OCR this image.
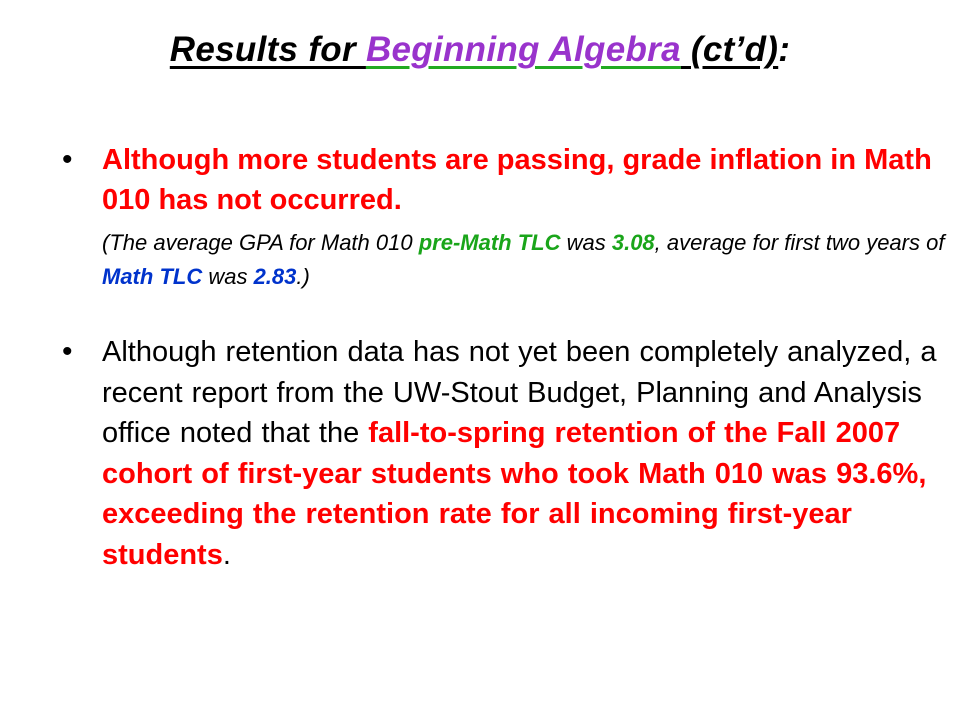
Results for Beginning Algebra (ct’d):
• Although more students are passing, grade inflation in Math 010 has not occurred.
(The average GPA for Math 010 pre-Math TLC was 3.08, average for first two years of Math TLC was 2.83.)
• Although retention data has not yet been completely analyzed, a recent report from the UW-Stout Budget, Planning and Analysis office noted that the fall-to-spring retention of the Fall 2007 cohort of first-year students who took Math 010 was 93.6%, exceeding the retention rate for all incoming first-year students.
